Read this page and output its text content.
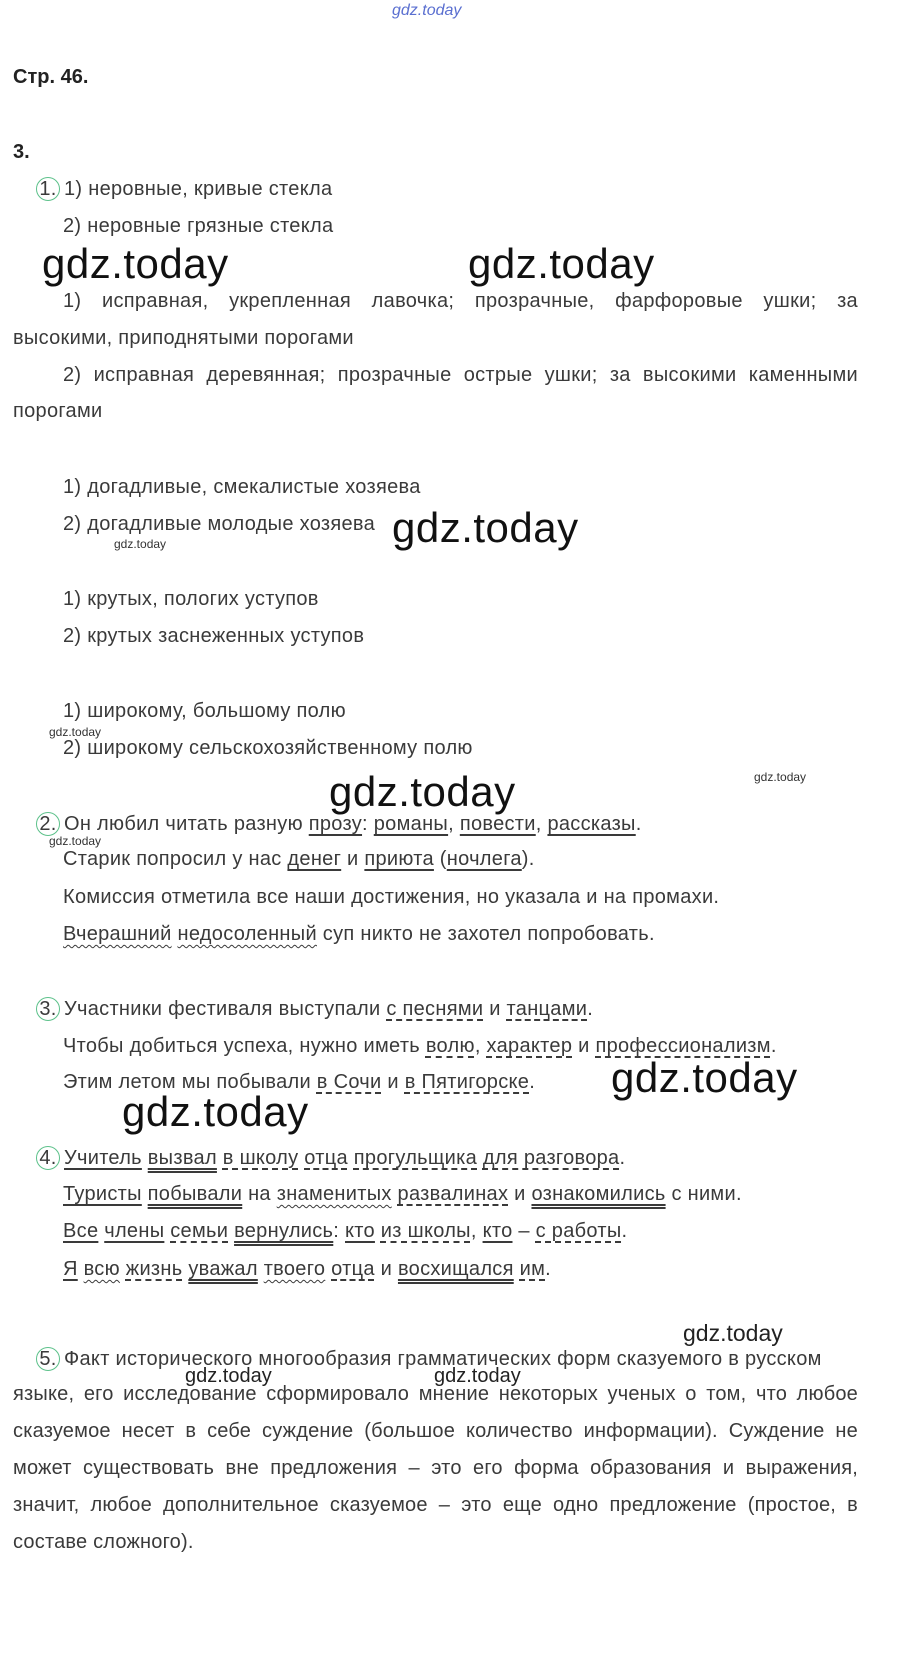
gdz.today
Стр. 46.
3.
1. 1) неровные, кривые стекла
2) неровные грязные стекла
gdz.today	gdz.today
1) исправная, укрепленная лавочка; прозрачные, фарфоровые ушки; за
высокими, приподнятыми порогами
2) исправная деревянная; прозрачные острые ушки; за высокими каменными
порогами
1) догадливые, смекалистые хозяева
2) догадливые молодые хозяева gdz.today
gdz.today
1) крутых, пологих уступов
2) крутых заснеженных уступов
1) широкому, большому полю
gdz.today
2) широкому сельскохозяйственному полю
gdz.today
gdz.today
2. Он любил читать разную прозу: романы, повести, рассказы.
gdz.today
Старик попросил у нас денег и приюта (ночлега).
Комиссия отметила все наши достижения, но указала и на промахи.
Вчерашний недосоленный суп никто не захотел попробовать.
3. Участники фестиваля выступали с песнями и танцами.
Чтобы добиться успеха, нужно иметь волю, характер и профессионализм.
Этим летом мы побывали в Сочи и в Пятигорске. gdz.today
gdz.today
4. Учитель вызвал в школу отца прогульщика для разговора.
Туристы побывали на знаменитых развалинах и ознакомились с ними.
Все члены семьи вернулись: кто из школы, кто – с работы.
Я всю жизнь уважал твоего отца и восхищался им.
gdz.today
5. Факт исторического многообразия грамматических форм сказуемого в русском
gdz.today	gdz.today
языке, его исследование сформировало мнение некоторых ученых о том, что любое сказуемое несет в себе суждение (большое количество информации). Суждение не может существовать вне предложения – это его форма образования и выражения, значит, любое дополнительное сказуемое – это еще одно предложение (простое, в составе сложного).
